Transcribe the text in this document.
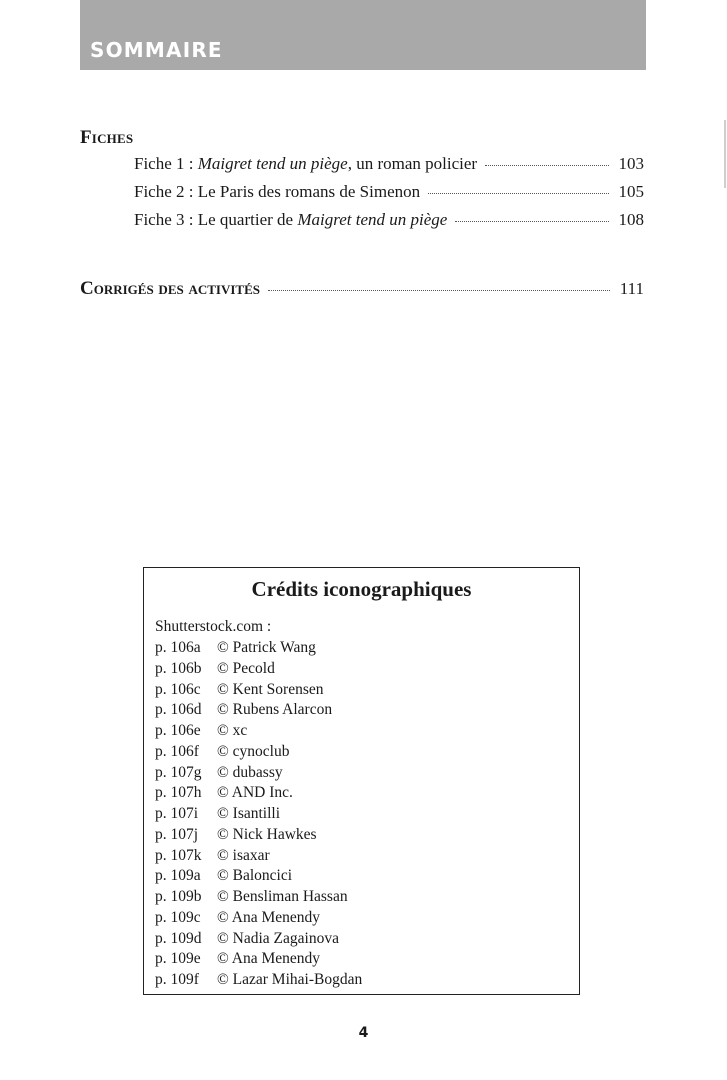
SOMMAIRE
Fiches
Fiche 1 : Maigret tend un piège, un roman policier	103
Fiche 2 : Le Paris des romans de Simenon	105
Fiche 3 : Le quartier de Maigret tend un piège	108
Corrigés des activités	111
Crédits iconographiques
Shutterstock.com :
p. 106a	© Patrick Wang
p. 106b	© Pecold
p. 106c	© Kent Sorensen
p. 106d	© Rubens Alarcon
p. 106e	© xc
p. 106f	© cynoclub
p. 107g	© dubassy
p. 107h	© AND Inc.
p. 107i	© Isantilli
p. 107j	© Nick Hawkes
p. 107k	© isaxar
p. 109a	© Baloncici
p. 109b	© Bensliman Hassan
p. 109c	© Ana Menendy
p. 109d	© Nadia Zagainova
p. 109e	© Ana Menendy
p. 109f	© Lazar Mihai-Bogdan
4
